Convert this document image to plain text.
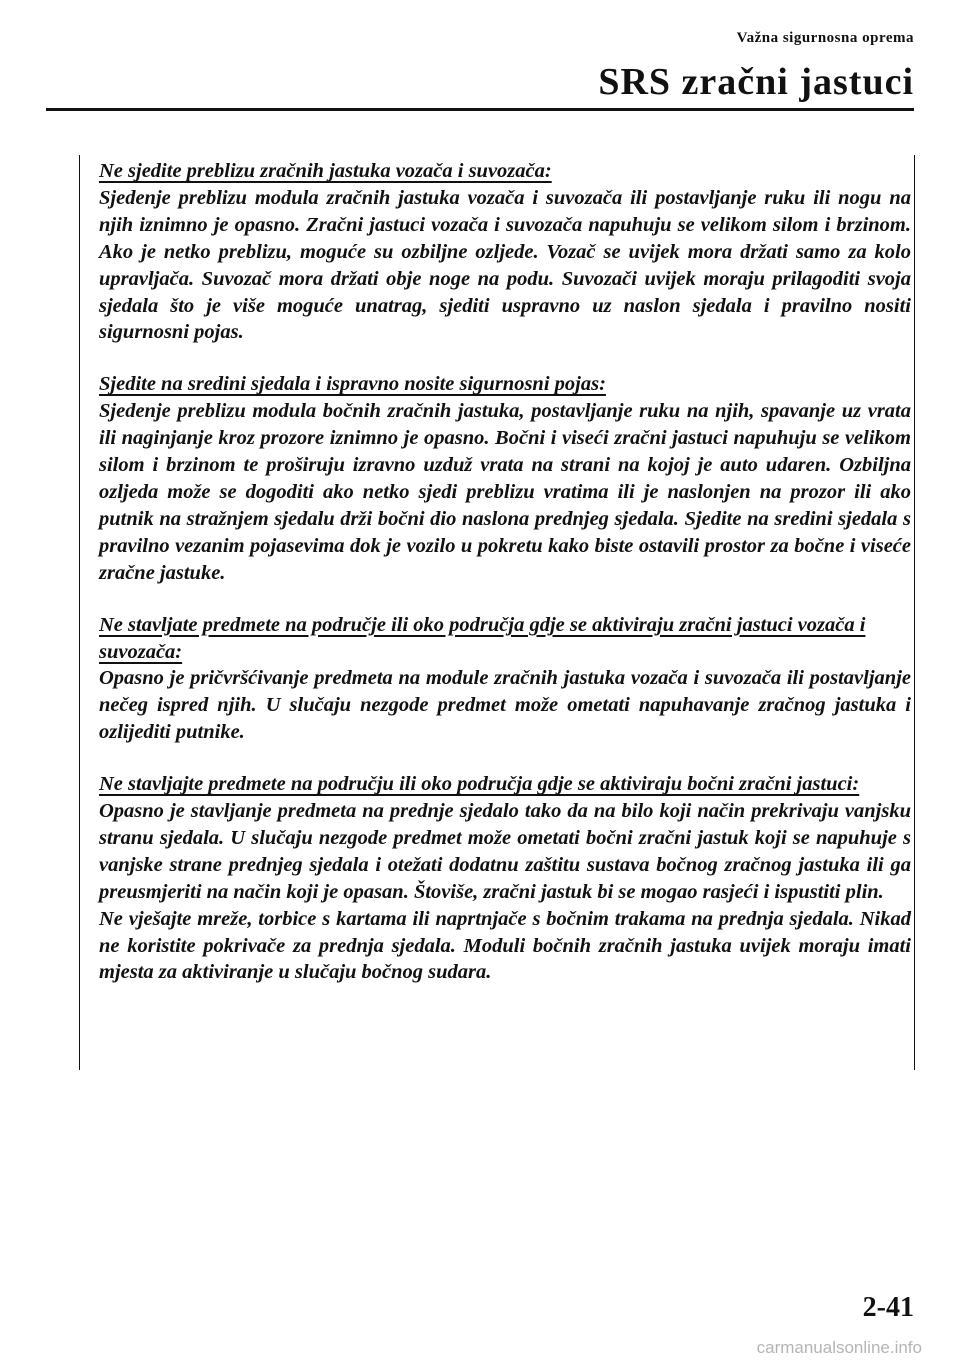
Važna sigurnosna oprema
SRS zračni jastuci

Ne sjedite preblizu zračnih jastuka vozača i suvozača:

Sjedenje preblizu modula zračnih jastuka vozača i suvozača ili postavljanje ruku ili nogu na njih iznimno je opasno. Zračni jastuci vozača i suvozača napuhuju se velikom silom i brzinom. Ako je netko preblizu, moguće su ozbiljne ozljede. Vozač se uvijek mora držati samo za kolo upravljača. Suvozač mora držati obje noge na podu. Suvozači uvijek moraju prilagoditi svoja sjedala što je više moguće unatrag, sjediti uspravno uz naslon sjedala i pravilno nositi sigurnosni pojas.

Sjedite na sredini sjedala i ispravno nosite sigurnosni pojas:

Sjedenje preblizu modula bočnih zračnih jastuka, postavljanje ruku na njih, spavanje uz vrata ili naginjanje kroz prozore iznimno je opasno. Bočni i viseći zračni jastuci napuhuju se velikom silom i brzinom te proširuju izravno uzduž vrata na strani na kojoj je auto udaren. Ozbiljna ozljeda može se dogoditi ako netko sjedi preblizu vratima ili je naslonjen na prozor ili ako putnik na stražnjem sjedalu drži bočni dio naslona prednjeg sjedala. Sjedite na sredini sjedala s pravilno vezanim pojasevima dok je vozilo u pokretu kako biste ostavili prostor za bočne i viseće zračne jastuke.

Ne stavljate predmete na područje ili oko područja gdje se aktiviraju zračni jastuci vozača i suvozača:

Opasno je pričvršćivanje predmeta na module zračnih jastuka vozača i suvozača ili postavljanje nečeg ispred njih. U slučaju nezgode predmet može ometati napuhavanje zračnog jastuka i ozlijediti putnike.

Ne stavljajte predmete na području ili oko područja gdje se aktiviraju bočni zračni jastuci:

Opasno je stavljanje predmeta na prednje sjedalo tako da na bilo koji način prekrivaju vanjsku stranu sjedala. U slučaju nezgode predmet može ometati bočni zračni jastuk koji se napuhuje s vanjske strane prednjeg sjedala i otežati dodatnu zaštitu sustava bočnog zračnog jastuka ili ga preusmjeriti na način koji je opasan. Štoviše, zračni jastuk bi se mogao rasjeći i ispustiti plin.

Ne vješajte mreže, torbice s kartama ili naprtnjače s bočnim trakama na prednja sjedala. Nikad ne koristite pokrivače za prednja sjedala. Moduli bočnih zračnih jastuka uvijek moraju imati mjesta za aktiviranje u slučaju bočnog sudara.

2-41
carmanualsonline.info
